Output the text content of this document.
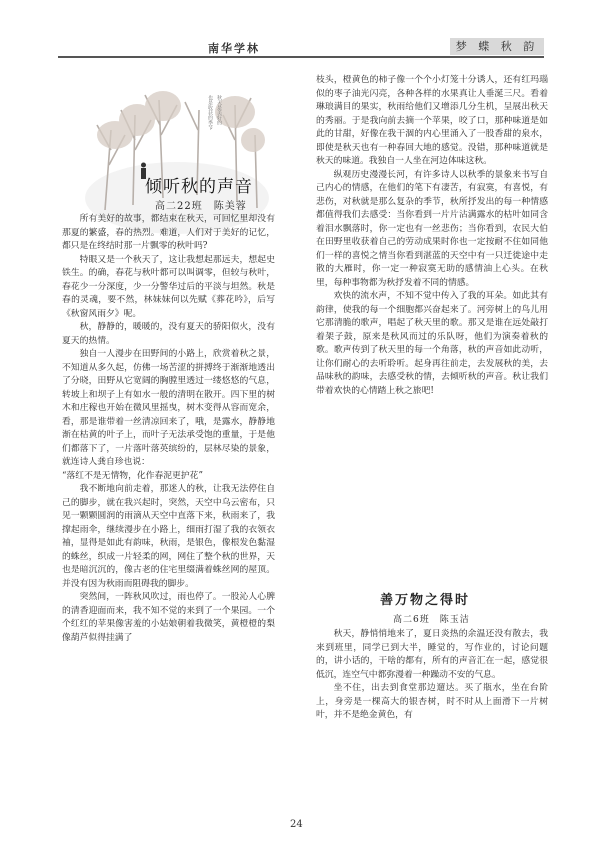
南华学林	梦 蝶 秋 韵
秋天是美好的
也是收获的季节
倾听秋的声音
高二22班　陈美蓉

所有美好的故事，都结束在秋天，可回忆里却没有那夏的繁盛，春的热烈。难道，人们对于美好的记忆，都只是在终结时那一片飘零的秋叶吗?

特眼又是一个秋天了，这让我想起那远夫，想起史铁生。的确，春花与秋叶都可以叫调零，但较与秋叶，春花少一分深度，少一分警华过后的平淡与坦然。秋是春的灵魂，要不然，林妹妹何以先赋《葬花吟》，后写《秋窗风雨夕》呢。

秋，静静的，暖暖的，没有夏天的骄阳似火，没有夏天的热情。

独自一人漫步在田野间的小路上，欣赏着秋之景，不知道从多久起，仿佛一场苦涩的拼搏终于渐渐地透出了分晓，田野从它宽阔的胸膛里透过一缕悠悠的气息，转坡上和坝子上有如水一般的清明在散开。四下里的树木和庄稼也开始在微风里摇曳，树木变得从容而宽余，看，那是谁带着一丝清凉回来了，哦，是露水，静静地渐在枯黄的叶子上，而叶子无法承受饱的重量，于是他们都落下了，一片落叶落英缤纷的，层林尽染的景象，就连诗人龚自珍也说：

“落红不是无情物，化作春泥更护花”

我不断地向前走着，那迷人的秋，让我无法停住自己的脚步，就在我兴起时，突然，天空中乌云密布，只见一颗颗圆润的雨滴从天空中直落下来，秋雨来了，我撑起雨伞，继续漫步在小路上，细雨打湿了我的衣领衣袖，显得是如此有韵味，秋雨，是银色，像根发色黏湿的蛛丝，织成一片轻柔的网，网住了整个秋的世界，天也是暗沉沉的，像古老的住宅里缀满着蛛丝网的屋顶。并没有因为秋雨而阻碍我的脚步。

突然间，一阵秋风吹过，雨也停了。一股沁人心脾的清香迎面而来，我不知不觉的来到了一个果园。一个个红红的苹果像害羞的小姑娘朝着我微笑，黄橙橙的梨像葫芦似得挂满了

枝头，橙黄色的柿子像一个个小灯笼十分诱人，还有红玛瑙似的枣子油光闪亮，各种各样的水果真让人垂涎三尺。看着琳琅满目的果实，秋雨给他们又增添几分生机，呈展出秋天的秀丽。于是我向前去摘一个苹果，咬了口，那种味道是如此的甘甜，好像在我干涸的内心里涌入了一股香甜的泉水，即使是秋天也有一种春回大地的感觉。没错，那种味道就是秋天的味道。我独自一人坐在河边体味这秋。

纵观历史漫漫长河，有许多诗人以秋季的景象来书写自己内心的情感，在他们的笔下有凄苦，有寂寞，有喜悦，有悲伤，对秋就是那么复杂的季节，秋所抒发出的每一种情感都值得我们去感受：当你看到一片片沾满露水的枯叶如同含着泪水飘落时，你一定也有一丝悲伤；当你看到，农民大伯在田野里收获着自己的劳动成果时你也一定按耐不住如同他们一样的喜悦之情当你看到湛蓝的天空中有一只迁徙途中走散的大雁时，你一定一种寂寞无助的感情油上心头。在秋里，每种事物都为秋抒发着不同的情感。

欢快的流水声，不知不觉中传入了我的耳朵。如此其有韵律，使我的每一个细胞都兴奋起来了。河旁树上的鸟儿用它那清脆的歌声，唱起了秋天里的歌。那又是谁在远处敲打着架子鼓，原来是秋风而过的乐队呀，他们为演奏着秋的歌。歌声传到了秋天里的每一个角落，秋的声音如此动听，让你们耐心的去听聆听。起身再往前走，去发展秋的美，去品味秋的韵味，去感受秋的情，去倾听秋的声音。秋让我们带着欢快的心情踏上秋之旅吧!

善万物之得时
高二6班　陈玉洁

秋天，静悄悄地来了，夏日炎热的余温还没有散去，我来到班里，同学已到大半，睡觉的，写作业的，讨论问题的，讲小话的，干啥的都有，所有的声音汇在一起，感觉很低沉，连空气中都弥漫着一种躁动不安的气息。

坐不住，出去到食堂那边遛达。买了瓶水，坐在台阶上，身旁是一棵高大的银杏树，时不时从上面滑下一片树叶，并不是绝金黄色，有

24
